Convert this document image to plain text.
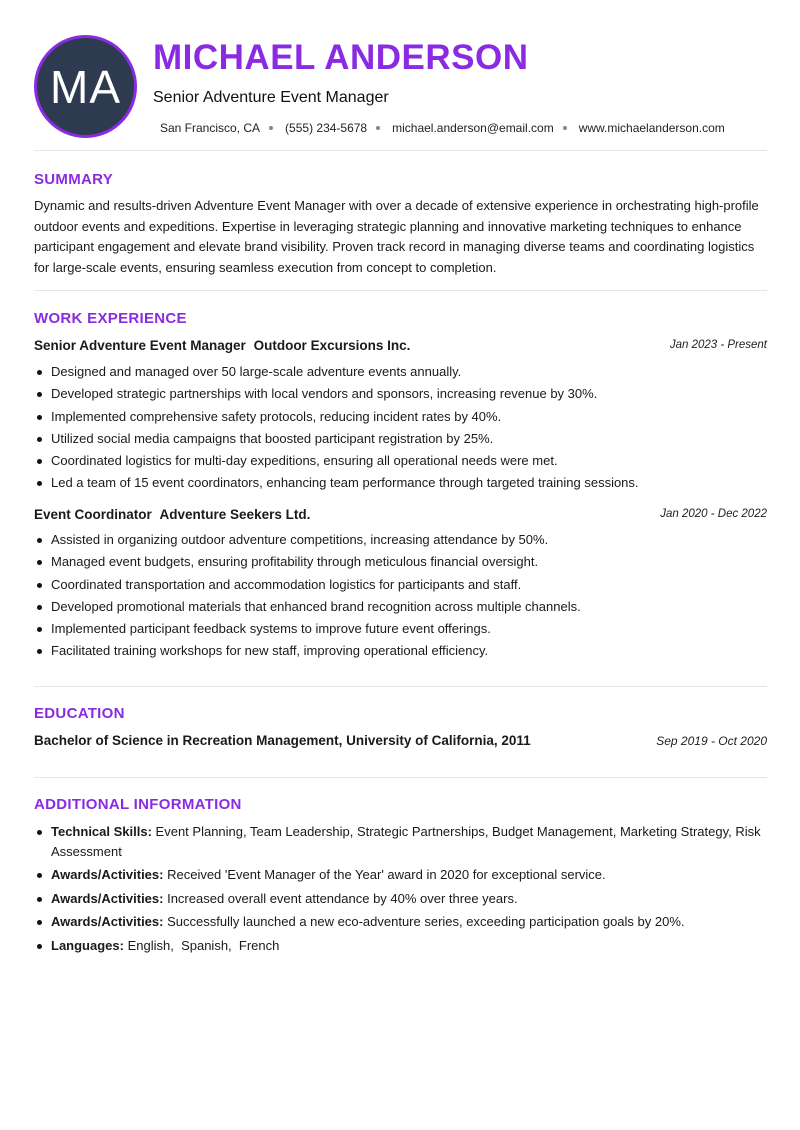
MA
MICHAEL ANDERSON
Senior Adventure Event Manager
San Francisco, CA (555) 234-5678 michael.anderson@email.com www.michaelanderson.com
SUMMARY
Dynamic and results-driven Adventure Event Manager with over a decade of extensive experience in orchestrating high-profile outdoor events and expeditions. Expertise in leveraging strategic planning and innovative marketing techniques to enhance participant engagement and elevate brand visibility. Proven track record in managing diverse teams and coordinating logistics for large-scale events, ensuring seamless execution from concept to completion.
WORK EXPERIENCE
Senior Adventure Event Manager Outdoor Excursions Inc.	Jan 2023 - Present
Designed and managed over 50 large-scale adventure events annually.
Developed strategic partnerships with local vendors and sponsors, increasing revenue by 30%.
Implemented comprehensive safety protocols, reducing incident rates by 40%.
Utilized social media campaigns that boosted participant registration by 25%.
Coordinated logistics for multi-day expeditions, ensuring all operational needs were met.
Led a team of 15 event coordinators, enhancing team performance through targeted training sessions.
Event Coordinator Adventure Seekers Ltd.	Jan 2020 - Dec 2022
Assisted in organizing outdoor adventure competitions, increasing attendance by 50%.
Managed event budgets, ensuring profitability through meticulous financial oversight.
Coordinated transportation and accommodation logistics for participants and staff.
Developed promotional materials that enhanced brand recognition across multiple channels.
Implemented participant feedback systems to improve future event offerings.
Facilitated training workshops for new staff, improving operational efficiency.
EDUCATION
Bachelor of Science in Recreation Management, University of California, 2011	Sep 2019 - Oct 2020
ADDITIONAL INFORMATION
Technical Skills: Event Planning, Team Leadership, Strategic Partnerships, Budget Management, Marketing Strategy, Risk Assessment
Awards/Activities: Received 'Event Manager of the Year' award in 2020 for exceptional service.
Awards/Activities: Increased overall event attendance by 40% over three years.
Awards/Activities: Successfully launched a new eco-adventure series, exceeding participation goals by 20%.
Languages: English,  Spanish,  French
